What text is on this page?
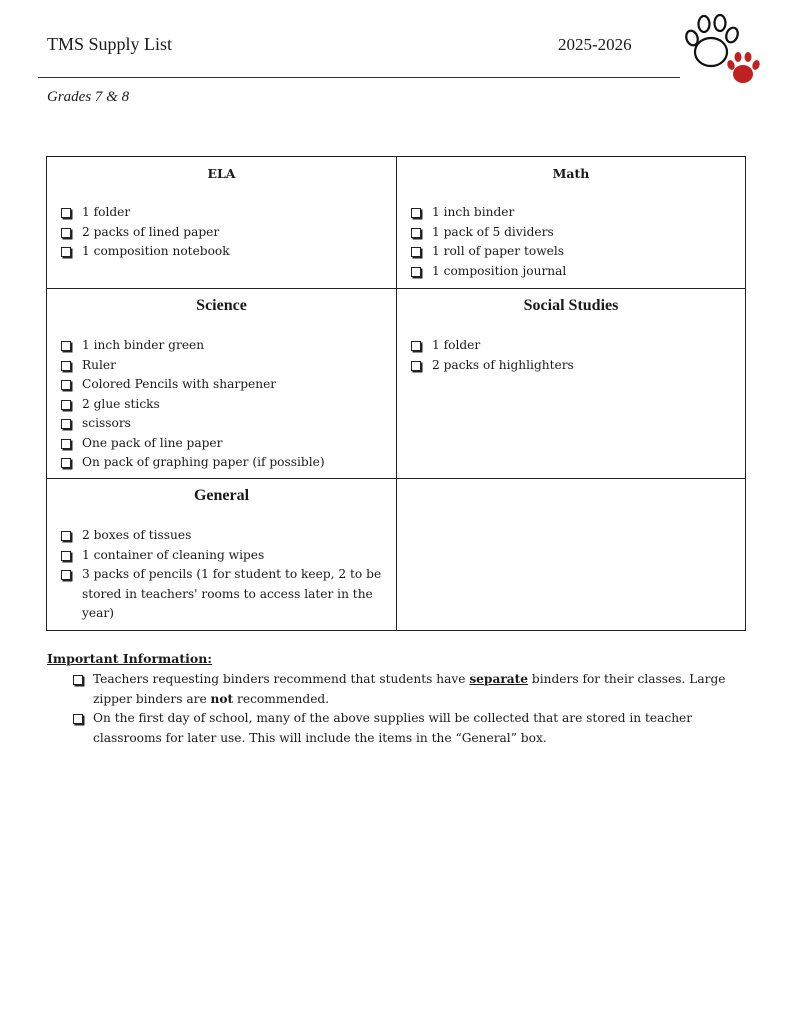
TMS Supply List	2025-2026
Grades 7 & 8
ELA
1 folder
2 packs of lined paper
1 composition notebook
Math
1 inch binder
1 pack of 5 dividers
1 roll of paper towels
1 composition journal
Science
1 inch binder green
Ruler
Colored Pencils with sharpener
2 glue sticks
scissors
One pack of line paper
On pack of graphing paper (if possible)
Social Studies
1 folder
2 packs of highlighters
General
2 boxes of tissues
1 container of cleaning wipes
3 packs of pencils (1 for student to keep, 2 to be stored in teachers' rooms to access later in the year)
Important Information:
Teachers requesting binders recommend that students have separate binders for their classes. Large zipper binders are not recommended.
On the first day of school, many of the above supplies will be collected that are stored in teacher classrooms for later use. This will include the items in the “General” box.
